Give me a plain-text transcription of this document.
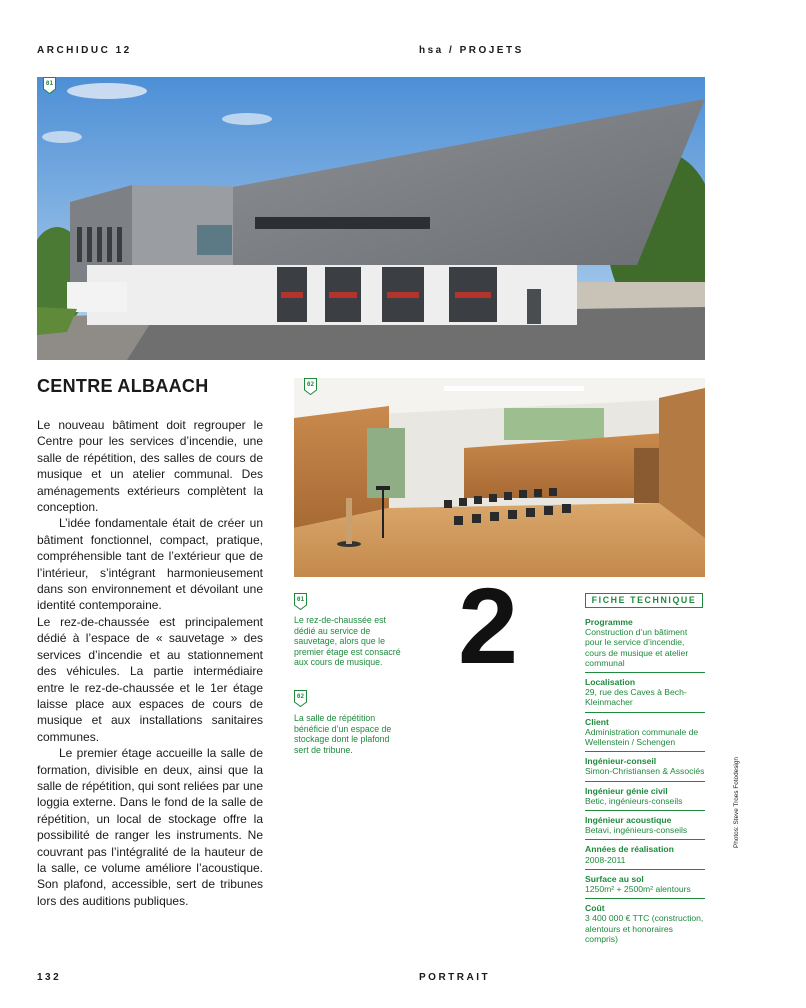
ARCHIDUC 12	hsa / PROJETS
01
CENTRE ALBAACH

Le nouveau bâtiment doit regrouper le Centre pour les services d’incendie, une salle de répétition, des salles de cours de musique et un atelier communal. Des aménagements extérieurs complètent la conception.

L’idée fondamentale était de créer un bâtiment fonctionnel, compact, pratique, compréhensible tant de l’extérieur que de l’intérieur, s’intégrant harmonieusement dans son environnement et dévoilant une identité contemporaine.

Le rez-de-chaussée est principalement dédié à l’espace de « sauvetage » des services d’incendie et au stationnement des véhicules. La partie intermédiaire entre le rez-de-chaussée et le 1er étage laisse place aux espaces de cours de musique et aux installations sanitaires communes.

Le premier étage accueille la salle de formation, divisible en deux, ainsi que la salle de répétition, qui sont reliées par une loggia externe. Dans le fond de la salle de répétition, un local de stockage offre la possibilité de ranger les instruments. Ne couvrant pas l’intégralité de la hauteur de la salle, ce volume améliore l’acoustique. Son plafond, accessible, sert de tribunes lors des auditions publiques.

02
01
Le rez-de-chaussée est dédié au service de sauvetage, alors que le premier étage est consacré aux cours de musique.
02
La salle de répétition bénéficie d’un espace de stockage dont le plafond sert de tribune.
2	FICHE TECHNIQUE
Programme
Construction d’un bâtiment pour le service d’incendie, cours de musique et atelier communal
Localisation
29, rue des Caves à Bech-Kleinmacher
Client
Administration communale de Wellenstein / Schengen
Ingénieur-conseil
Simon-Christiansen & Associés
Ingénieur génie civil
Betic, ingénieurs-conseils
Ingénieur acoustique
Betavi, ingénieurs-conseils
Années de réalisation
2008-2011
Surface au sol
1250m² + 2500m² alentours
Coût
3 400 000 € TTC (construction, alentours et honoraires compris)
Photos: Steve Troes Fotodesign
132	PORTRAIT
